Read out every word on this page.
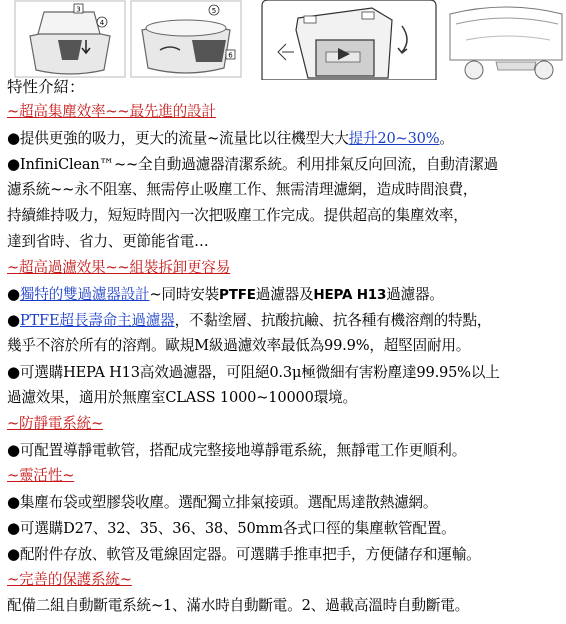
3
4
5
6
特性介紹：
~超高集塵效率~~最先進的設計
●提供更強的吸力，更大的流量~流量比以往機型大大提升20~30%。
●InfiniClean™~~全自動過濾器清潔系統。利用排氣反向回流，自動清潔過
濾系統~~永不阻塞、無需停止吸塵工作、無需清理濾網，造成時間浪費，
持續維持吸力，短短時間內一次把吸塵工作完成。提供超高的集塵效率，
達到省時、省力、更節能省電…
~超高過濾效果~~組裝拆卸更容易
●獨特的雙過濾器設計~同時安裝PTFE過濾器及HEPA H13過濾器。
●PTFE超長壽命主過濾器，不黏塗層、抗酸抗鹼、抗各種有機溶劑的特點，
幾乎不溶於所有的溶劑。歐規M級過濾效率最低為99.9%，超堅固耐用。
●可選購HEPA H13高效過濾器，可阻絕0.3μ極微細有害粉塵達99.95%以上
過濾效果，適用於無塵室CLASS 1000~10000環境。
~防靜電系統~
●可配置導靜電軟管，搭配成完整接地導靜電系統，無靜電工作更順利。
~靈活性~
●集塵布袋或塑膠袋收塵。選配獨立排氣接頭。選配馬達散熱濾網。
●可選購D27、32、35、36、38、50mm各式口徑的集塵軟管配置。
●配附件存放、軟管及電線固定器。可選購手推車把手，方便儲存和運輸。
~完善的保護系統~
配備二組自動斷電系統~1、滿水時自動斷電。2、過載高溫時自動斷電。
